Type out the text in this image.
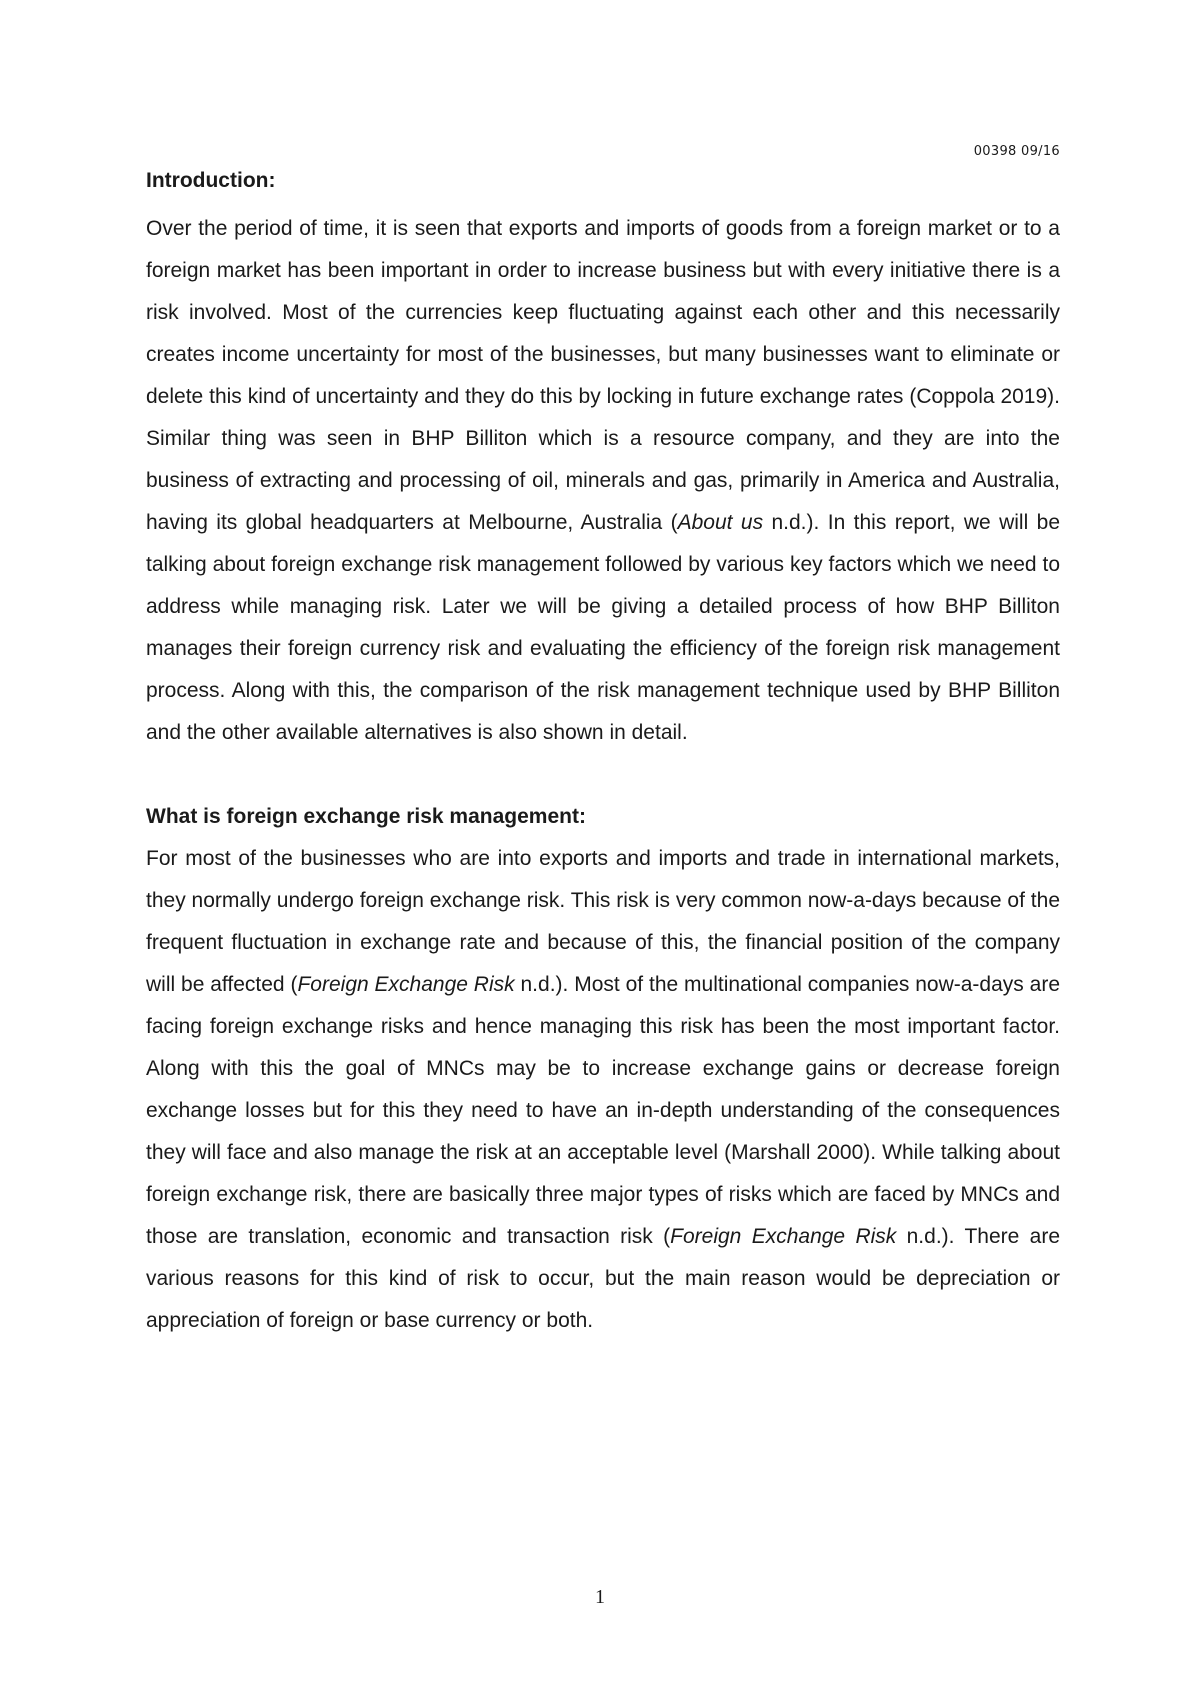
00398 09/16
Introduction:

Over the period of time, it is seen that exports and imports of goods from a foreign market or to a foreign market has been important in order to increase business but with every initiative there is a risk involved. Most of the currencies keep fluctuating against each other and this necessarily creates income uncertainty for most of the businesses, but many businesses want to eliminate or delete this kind of uncertainty and they do this by locking in future exchange rates (Coppola 2019). Similar thing was seen in BHP Billiton which is a resource company, and they are into the business of extracting and processing of oil, minerals and gas, primarily in America and Australia, having its global headquarters at Melbourne, Australia (About us n.d.). In this report, we will be talking about foreign exchange risk management followed by various key factors which we need to address while managing risk. Later we will be giving a detailed process of how BHP Billiton manages their foreign currency risk and evaluating the efficiency of the foreign risk management process. Along with this, the comparison of the risk management technique used by BHP Billiton and the other available alternatives is also shown in detail.

What is foreign exchange risk management:

For most of the businesses who are into exports and imports and trade in international markets, they normally undergo foreign exchange risk. This risk is very common now-a-days because of the frequent fluctuation in exchange rate and because of this, the financial position of the company will be affected (Foreign Exchange Risk n.d.). Most of the multinational companies now-a-days are facing foreign exchange risks and hence managing this risk has been the most important factor. Along with this the goal of MNCs may be to increase exchange gains or decrease foreign exchange losses but for this they need to have an in-depth understanding of the consequences they will face and also manage the risk at an acceptable level (Marshall 2000). While talking about foreign exchange risk, there are basically three major types of risks which are faced by MNCs and those are translation, economic and transaction risk (Foreign Exchange Risk n.d.). There are various reasons for this kind of risk to occur, but the main reason would be depreciation or appreciation of foreign or base currency or both.

1
